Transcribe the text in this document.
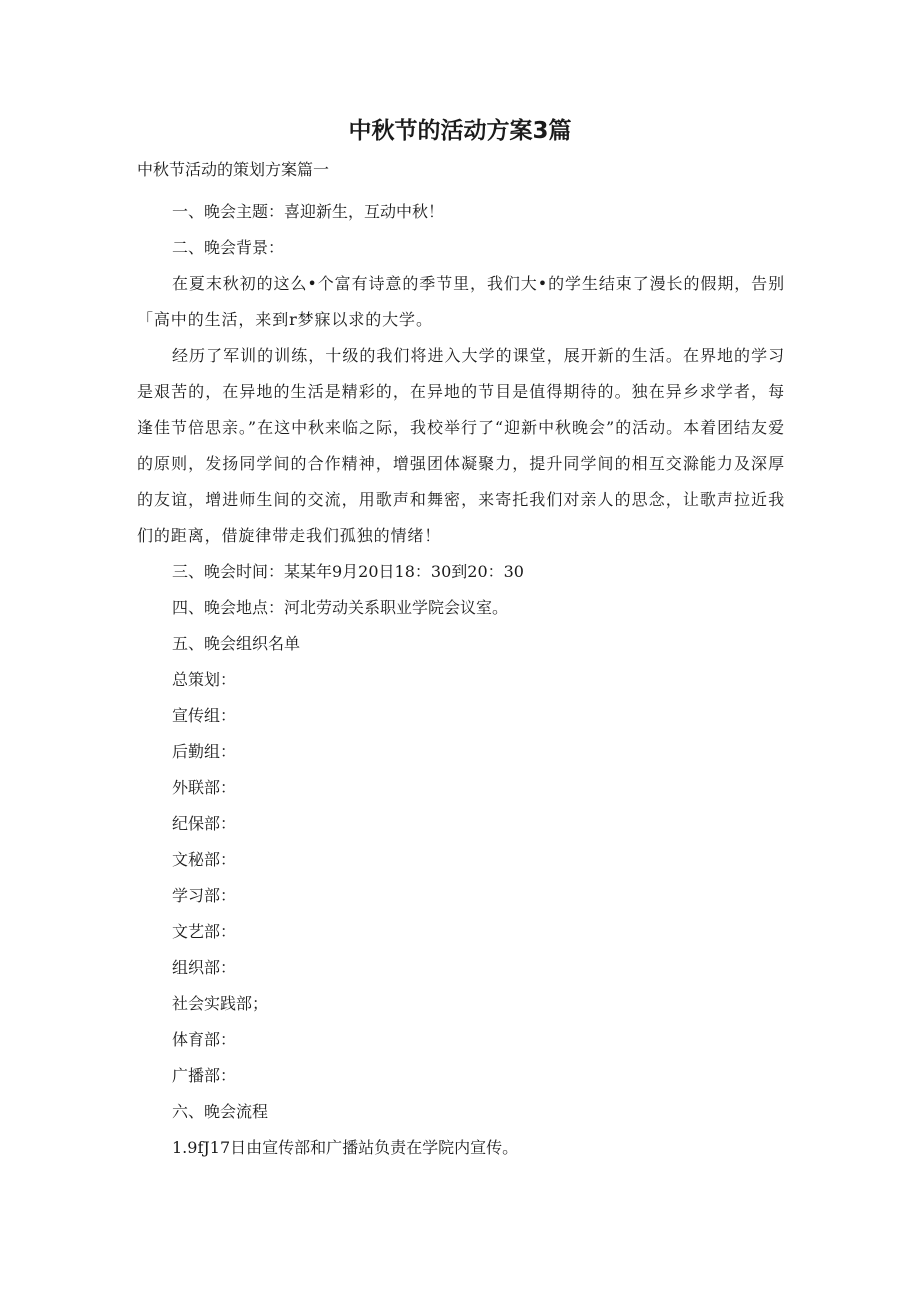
中秋节的活动方案3篇

中秋节活动的策划方案篇一

一、晚会主题：喜迎新生，互动中秋！

二、晚会背景：

在夏末秋初的这么•个富有诗意的季节里，我们大•的学生结束了漫长的假期，告别「高中的生活，来到r梦寐以求的大学。

经历了军训的训练，十级的我们将进入大学的课堂，展开新的生活。在界地的学习是艰苦的，在异地的生活是精彩的，在异地的节目是值得期待的。独在异乡求学者，每逢佳节倍思亲。”在这中秋来临之际，我校举行了“迎新中秋晚会”的活动。本着团结友爱的原则，发扬同学间的合作精神，增强团体凝聚力，提升同学间的相互交滁能力及深厚的友谊，增进师生间的交流，用歌声和舞密，来寄托我们对亲人的思念，让歌声拉近我们的距离，借旋律带走我们孤独的情绪！

三、晚会时间：某某年9月20日18：30到20：30

四、晚会地点：河北劳动关系职业学院会议室。

五、晚会组织名单

总策划：

宣传组：

后勤组：

外联部：

纪保部：

文秘部：

学习部：

文艺部：

组织部：

社会实践部；

体育部：

广播部：

六、晚会流程

1.9fJ17日由宣传部和广播站负责在学院内宣传。
